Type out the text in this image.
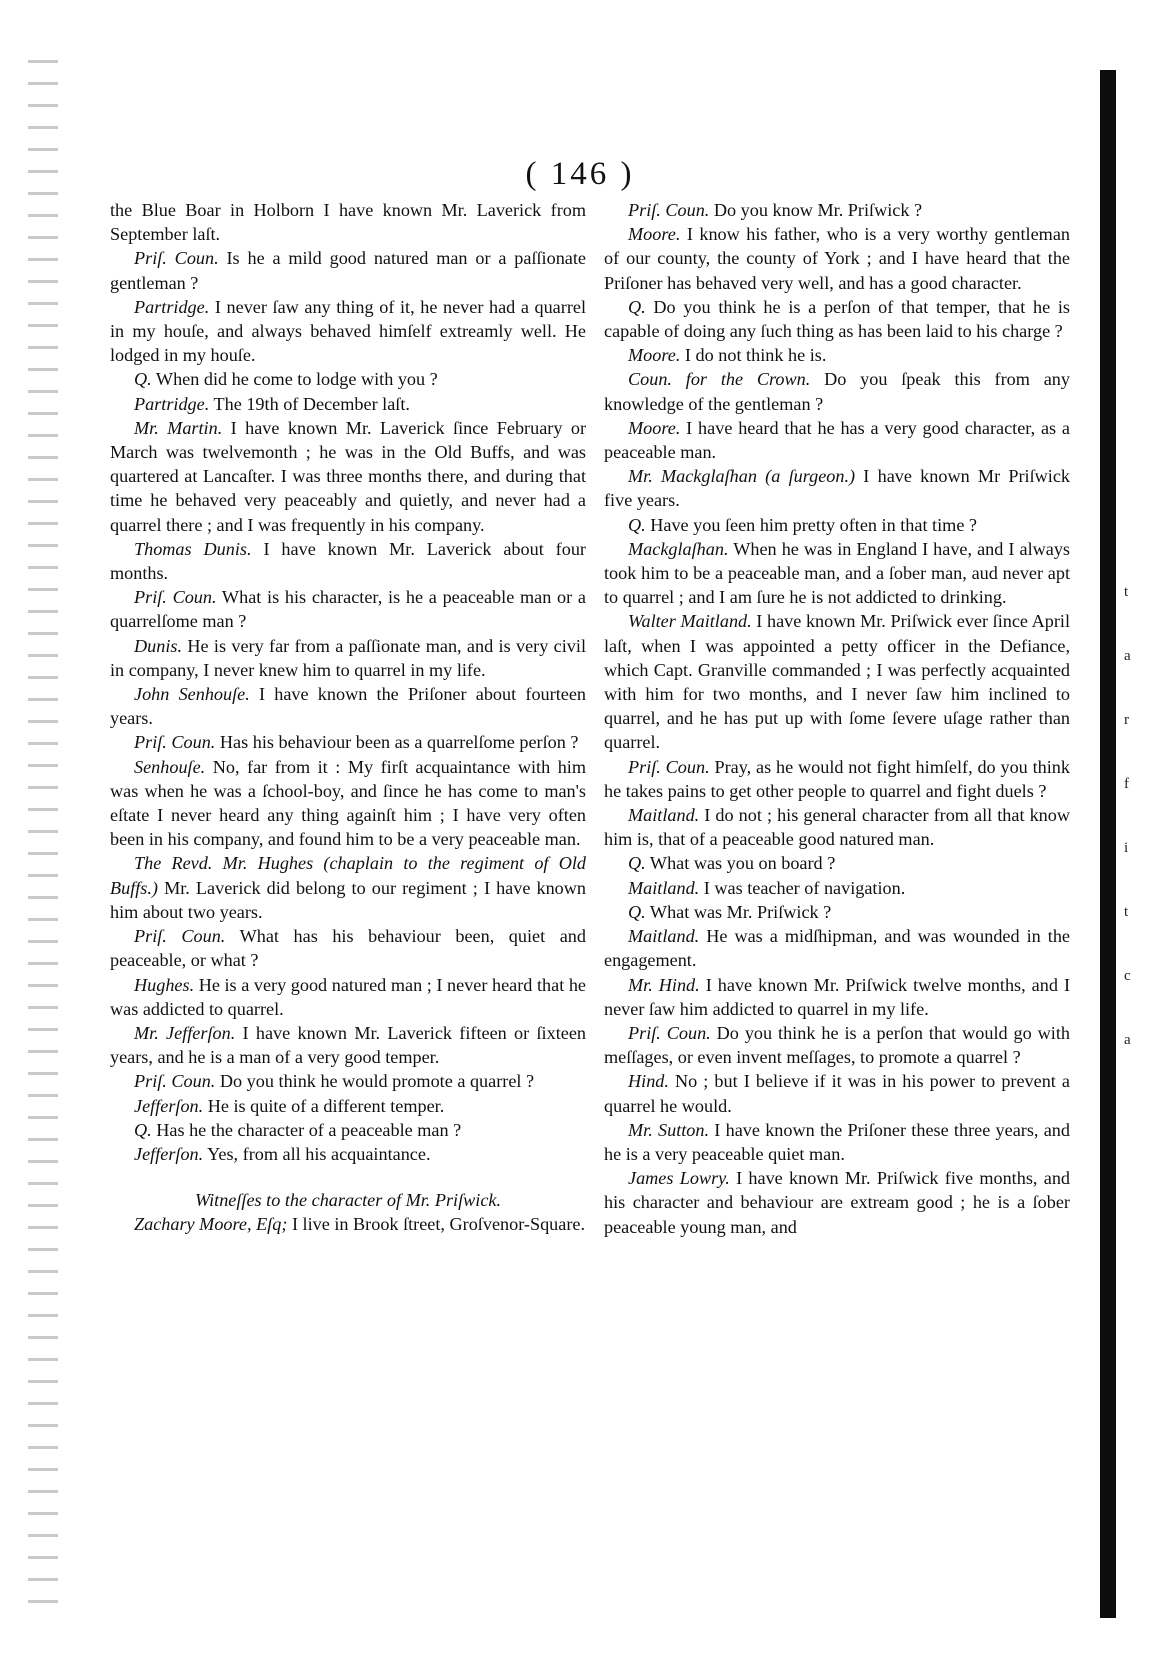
( 146 )

the Blue Boar in Holborn I have known Mr. Laverick from September laſt.

Priſ. Coun. Is he a mild good natured man or a paſſionate gentleman ?

Partridge. I never ſaw any thing of it, he never had a quarrel in my houſe, and always behaved himſelf extreamly well. He lodged in my houſe.

Q. When did he come to lodge with you ?

Partridge. The 19th of December laſt.

Mr. Martin. I have known Mr. Laverick ſince February or March was twelvemonth ; he was in the Old Buffs, and was quartered at Lancaſter. I was three months there, and during that time he behaved very peaceably and quietly, and never had a quarrel there ; and I was frequently in his company.

Thomas Dunis. I have known Mr. Laverick about four months.

Priſ. Coun. What is his character, is he a peaceable man or a quarrelſome man ?

Dunis. He is very far from a paſſionate man, and is very civil in company, I never knew him to quarrel in my life.

John Senhouſe. I have known the Priſoner about fourteen years.

Priſ. Coun. Has his behaviour been as a quarrelſome perſon ?

Senhouſe. No, far from it : My firſt acquaintance with him was when he was a ſchool-boy, and ſince he has come to man's eſtate I never heard any thing againſt him ; I have very often been in his company, and found him to be a very peaceable man.

The Revd. Mr. Hughes (chaplain to the regiment of Old Buffs.) Mr. Laverick did belong to our regiment ; I have known him about two years.

Priſ. Coun. What has his behaviour been, quiet and peaceable, or what ?

Hughes. He is a very good natured man ; I never heard that he was addicted to quarrel.

Mr. Jefferſon. I have known Mr. Laverick fifteen or ſixteen years, and he is a man of a very good temper.

Priſ. Coun. Do you think he would promote a quarrel ?

Jefferſon. He is quite of a different temper.

Q. Has he the character of a peaceable man ?

Jefferſon. Yes, from all his acquaintance.

Witneſſes to the character of Mr. Priſwick.

Zachary Moore, Eſq; I live in Brook ſtreet, Groſvenor-Square.

Priſ. Coun. Do you know Mr. Priſwick ?

Moore. I know his father, who is a very worthy gentleman of our county, the county of York ; and I have heard that the Priſoner has behaved very well, and has a good character.

Q. Do you think he is a perſon of that temper, that he is capable of doing any ſuch thing as has been laid to his charge ?

Moore. I do not think he is.

Coun. for the Crown. Do you ſpeak this from any knowledge of the gentleman ?

Moore. I have heard that he has a very good character, as a peaceable man.

Mr. Mackglaſhan (a ſurgeon.) I have known Mr Priſwick five years.

Q. Have you ſeen him pretty often in that time ?

Mackglaſhan. When he was in England I have, and I always took him to be a peaceable man, and a ſober man, aud never apt to quarrel ; and I am ſure he is not addicted to drinking.

Walter Maitland. I have known Mr. Priſwick ever ſince April laſt, when I was appointed a petty officer in the Defiance, which Capt. Granville commanded ; I was perfectly acquainted with him for two months, and I never ſaw him inclined to quarrel, and he has put up with ſome ſevere uſage rather than quarrel.

Priſ. Coun. Pray, as he would not fight himſelf, do you think he takes pains to get other people to quarrel and fight duels ?

Maitland. I do not ; his general character from all that know him is, that of a peaceable good natured man.

Q. What was you on board ?

Maitland. I was teacher of navigation.

Q. What was Mr. Priſwick ?

Maitland. He was a midſhipman, and was wounded in the engagement.

Mr. Hind. I have known Mr. Priſwick twelve months, and I never ſaw him addicted to quarrel in my life.

Priſ. Coun. Do you think he is a perſon that would go with meſſages, or even invent meſſages, to promote a quarrel ?

Hind. No ; but I believe if it was in his power to prevent a quarrel he would.

Mr. Sutton. I have known the Priſoner these three years, and he is a very peaceable quiet man.

James Lowry. I have known Mr. Priſwick five months, and his character and behaviour are extream good ; he is a ſober peaceable young man, and

t
a
r
f
i
t
c
a
